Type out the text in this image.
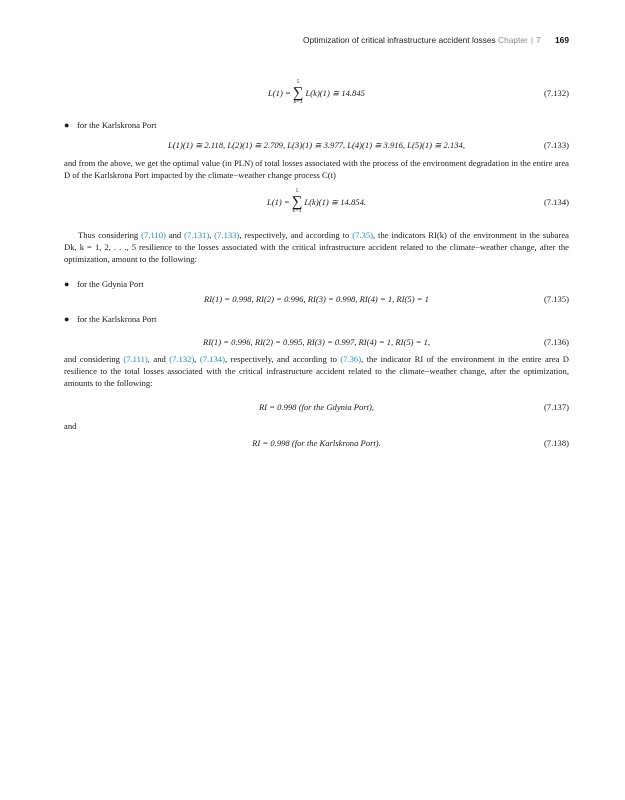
Optimization of critical infrastructure accident losses Chapter | 7 169
L(1) =
5
∑
k=1
L(k)(1) ≅ 14.845	(7.132)
● for the Karlskrona Port
L(1)(1) ≅ 2.118, L(2)(1) ≅ 2.709, L(3)(1) ≅ 3.977, L(4)(1) ≅ 3.916, L(5)(1) ≅ 2.134,	(7.133)
and from the above, we get the optimal value (in PLN) of total losses associated with the process of the environment degradation in the entire area D of the Karlskrona Port impacted by the climate−weather change process C(t)
L(1) =
5
∑
k=1
L(k)(1) ≅ 14.854.	(7.134)
Thus considering (7.110) and (7.131), (7.133), respectively, and according to (7.35), the indicators RI(k) of the environment in the subarea Dk, k = 1, 2, . . ., 5 resilience to the losses associated with the critical infrastructure accident related to the climate−weather change, after the optimization, amount to the following:
● for the Gdynia Port
RI(1) = 0.998, RI(2) = 0.996, RI(3) = 0.998, RI(4) = 1, RI(5) = 1	(7.135)
● for the Karlskrona Port
RI(1) = 0.996, RI(2) = 0.995, RI(3) = 0.997, RI(4) = 1, RI(5) = 1,	(7.136)
and considering (7.111), and (7.132), (7.134), respectively, and according to (7.36), the indicator RI of the environment in the entire area D resilience to the total losses associated with the critical infrastructure accident related to the climate−weather change, after the optimization, amounts to the following:
RI = 0.998 (for the Gdynia Port),	(7.137)
and
RI = 0.998 (for the Karlskrona Port).	(7.138)
